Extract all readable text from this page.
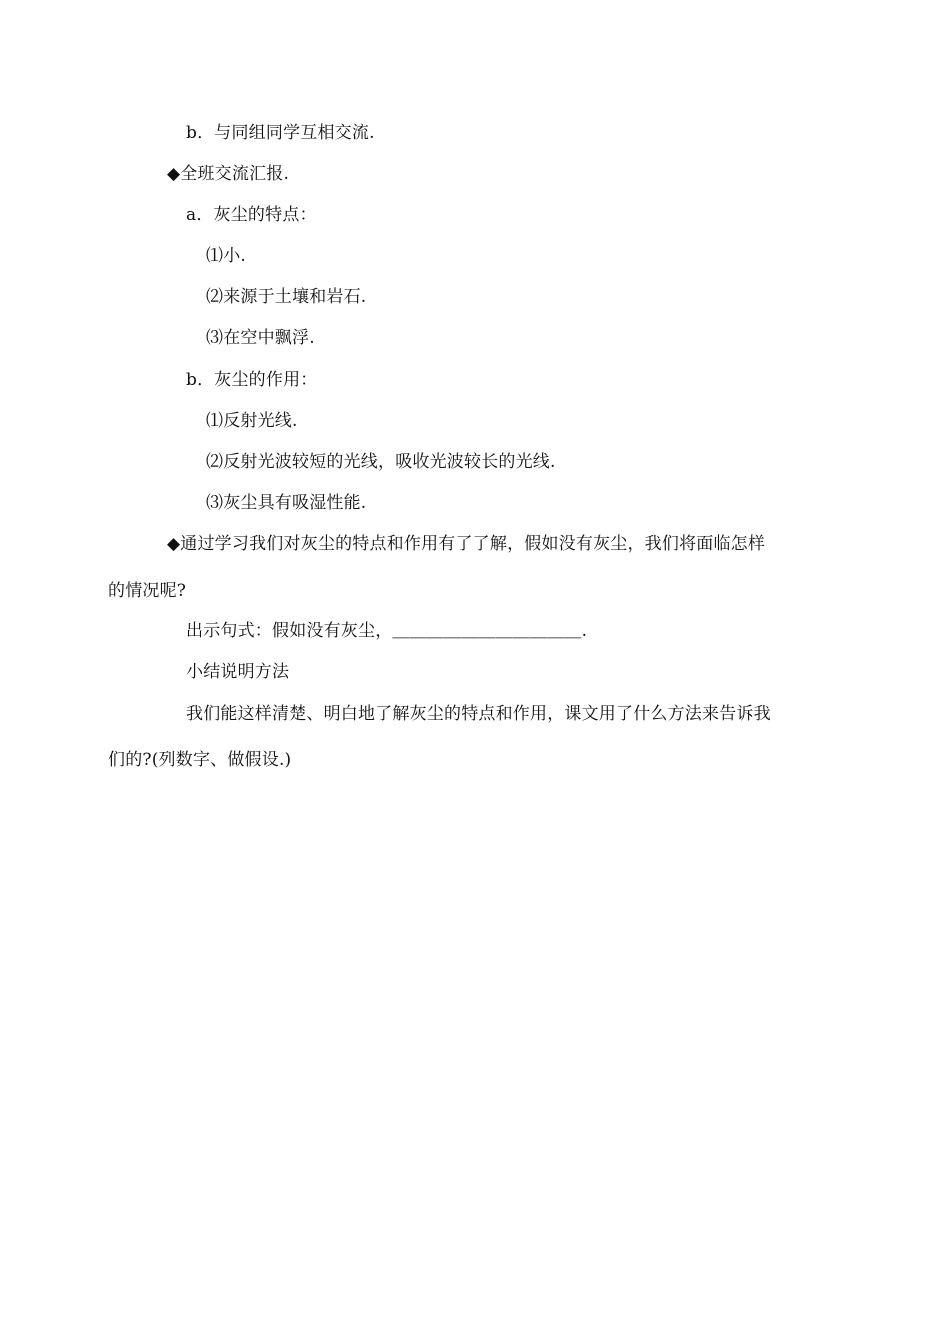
b．与同组同学互相交流.
◆全班交流汇报.
a．灰尘的特点：
⑴小.
⑵来源于土壤和岩石.
⑶在空中飘浮.
b．灰尘的作用：
⑴反射光线.
⑵反射光波较短的光线，吸收光波较长的光线.
⑶灰尘具有吸湿性能.
◆通过学习我们对灰尘的特点和作用有了了解，假如没有灰尘，我们将面临怎样
的情况呢?
出示句式：假如没有灰尘，＿＿＿＿＿＿＿＿＿＿＿.
小结说明方法
我们能这样清楚、明白地了解灰尘的特点和作用，课文用了什么方法来告诉我
们的?(列数字、做假设.)
